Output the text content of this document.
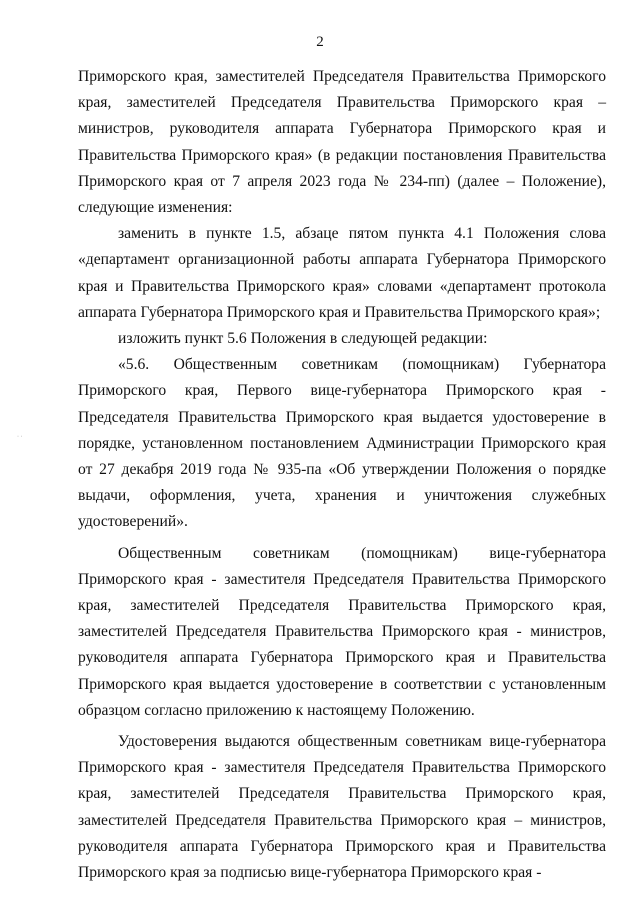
2
· ·

Приморского края, заместителей Председателя Правительства Приморского края, заместителей Председателя Правительства Приморского края – министров, руководителя аппарата Губернатора Приморского края и Правительства Приморского края» (в редакции постановления Правительства Приморского края от 7 апреля 2023 года № 234-пп) (далее – Положение), следующие изменения:

заменить в пункте 1.5, абзаце пятом пункта 4.1 Положения слова «департамент организационной работы аппарата Губернатора Приморского края и Правительства Приморского края» словами «департамент протокола аппарата Губернатора Приморского края и Правительства Приморского края»;

изложить пункт 5.6 Положения в следующей редакции:

«5.6. Общественным советникам (помощникам) Губернатора Приморского края, Первого вице-губернатора Приморского края - Председателя Правительства Приморского края выдается удостоверение в порядке, установленном постановлением Администрации Приморского края от 27 декабря 2019 года № 935-па «Об утверждении Положения о порядке выдачи, оформления, учета, хранения и уничтожения служебных удостоверений».

Общественным советникам (помощникам) вице-губернатора Приморского края - заместителя Председателя Правительства Приморского края, заместителей Председателя Правительства Приморского края, заместителей Председателя Правительства Приморского края - министров, руководителя аппарата Губернатора Приморского края и Правительства Приморского края выдается удостоверение в соответствии с установленным образцом согласно приложению к настоящему Положению.

Удостоверения выдаются общественным советникам вице-губернатора Приморского края - заместителя Председателя Правительства Приморского края, заместителей Председателя Правительства Приморского края, заместителей Председателя Правительства Приморского края – министров, руководителя аппарата Губернатора Приморского края и Правительства Приморского края за подписью вице-губернатора Приморского края -
